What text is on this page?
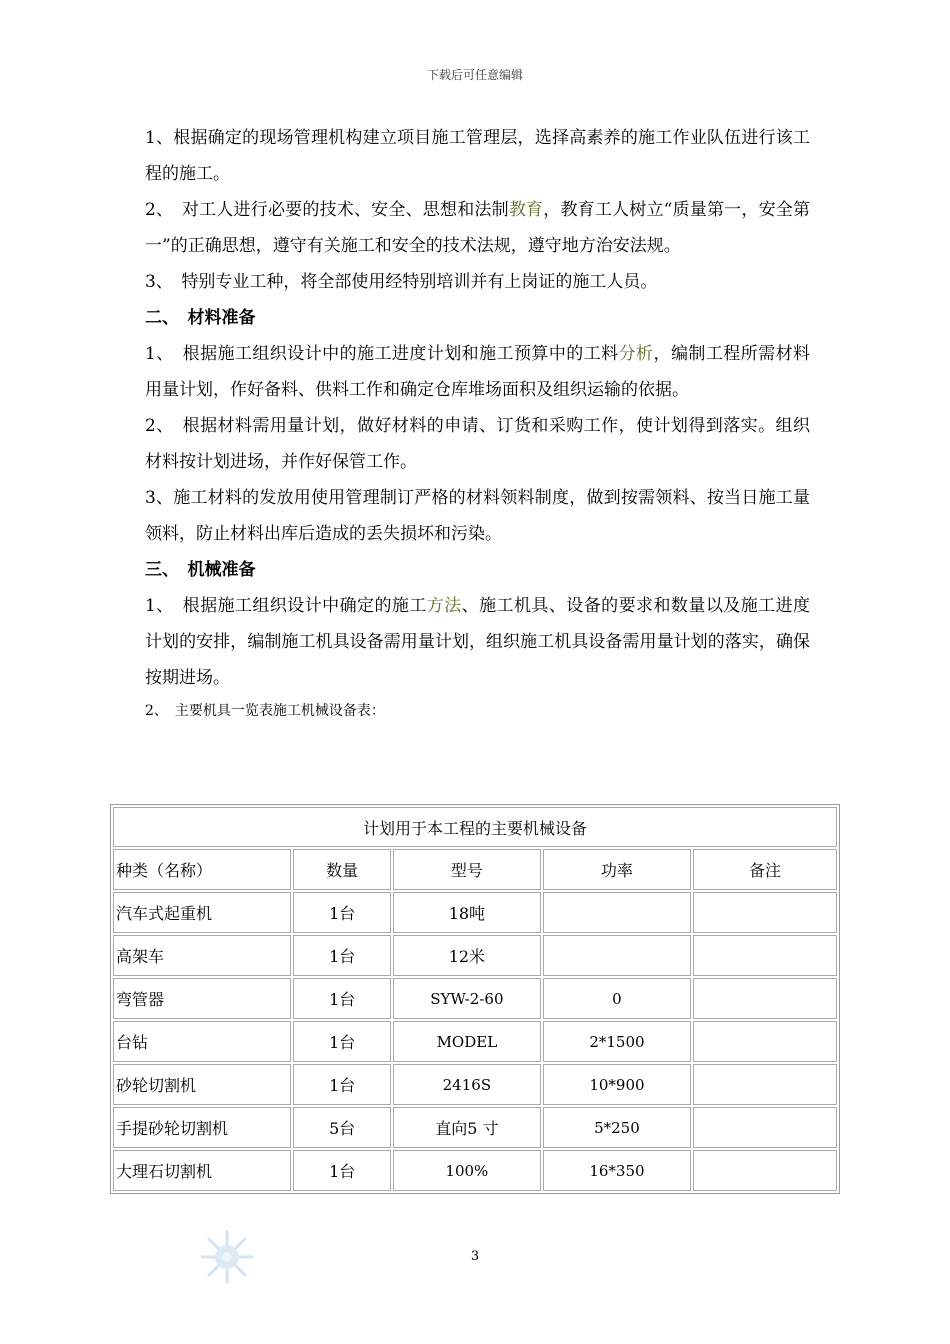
下载后可任意编辑

1、根据确定的现场管理机构建立项目施工管理层，选择高素养的施工作业队伍进行该工程的施工。

2、　对工人进行必要的技术、安全、思想和法制教育，教育工人树立“质量第一，安全第一”的正确思想，遵守有关施工和安全的技术法规，遵守地方治安法规。

3、　特别专业工种，将全部使用经特别培训并有上岗证的施工人员。

二、　材料准备

1、　根据施工组织设计中的施工进度计划和施工预算中的工料分析，编制工程所需材料用量计划，作好备料、供料工作和确定仓库堆场面积及组织运输的依据。

2、　根据材料需用量计划，做好材料的申请、订货和采购工作，使计划得到落实。组织材料按计划进场，并作好保管工作。

3、施工材料的发放用使用管理制订严格的材料领料制度，做到按需领料、按当日施工量领料，防止材料出库后造成的丢失损坏和污染。

三、　机械准备

1、　根据施工组织设计中确定的施工方法、施工机具、设备的要求和数量以及施工进度计划的安排，编制施工机具设备需用量计划，组织施工机具设备需用量计划的落实，确保按期进场。

2、　主要机具一览表施工机械设备表：

计划用于本工程的主要机械设备				
种类（名称）	数量	型号	功率	备注
汽车式起重机	1台	18吨		
高架车	1台	12米		
弯管器	1台	SYW-2-60	0	
台钻	1台	MODEL	2*1500	
砂轮切割机	1台	2416S	10*900	
手提砂轮切割机	5台	直向5 寸	5*250	
大理石切割机	1台	100%	16*350	
3
